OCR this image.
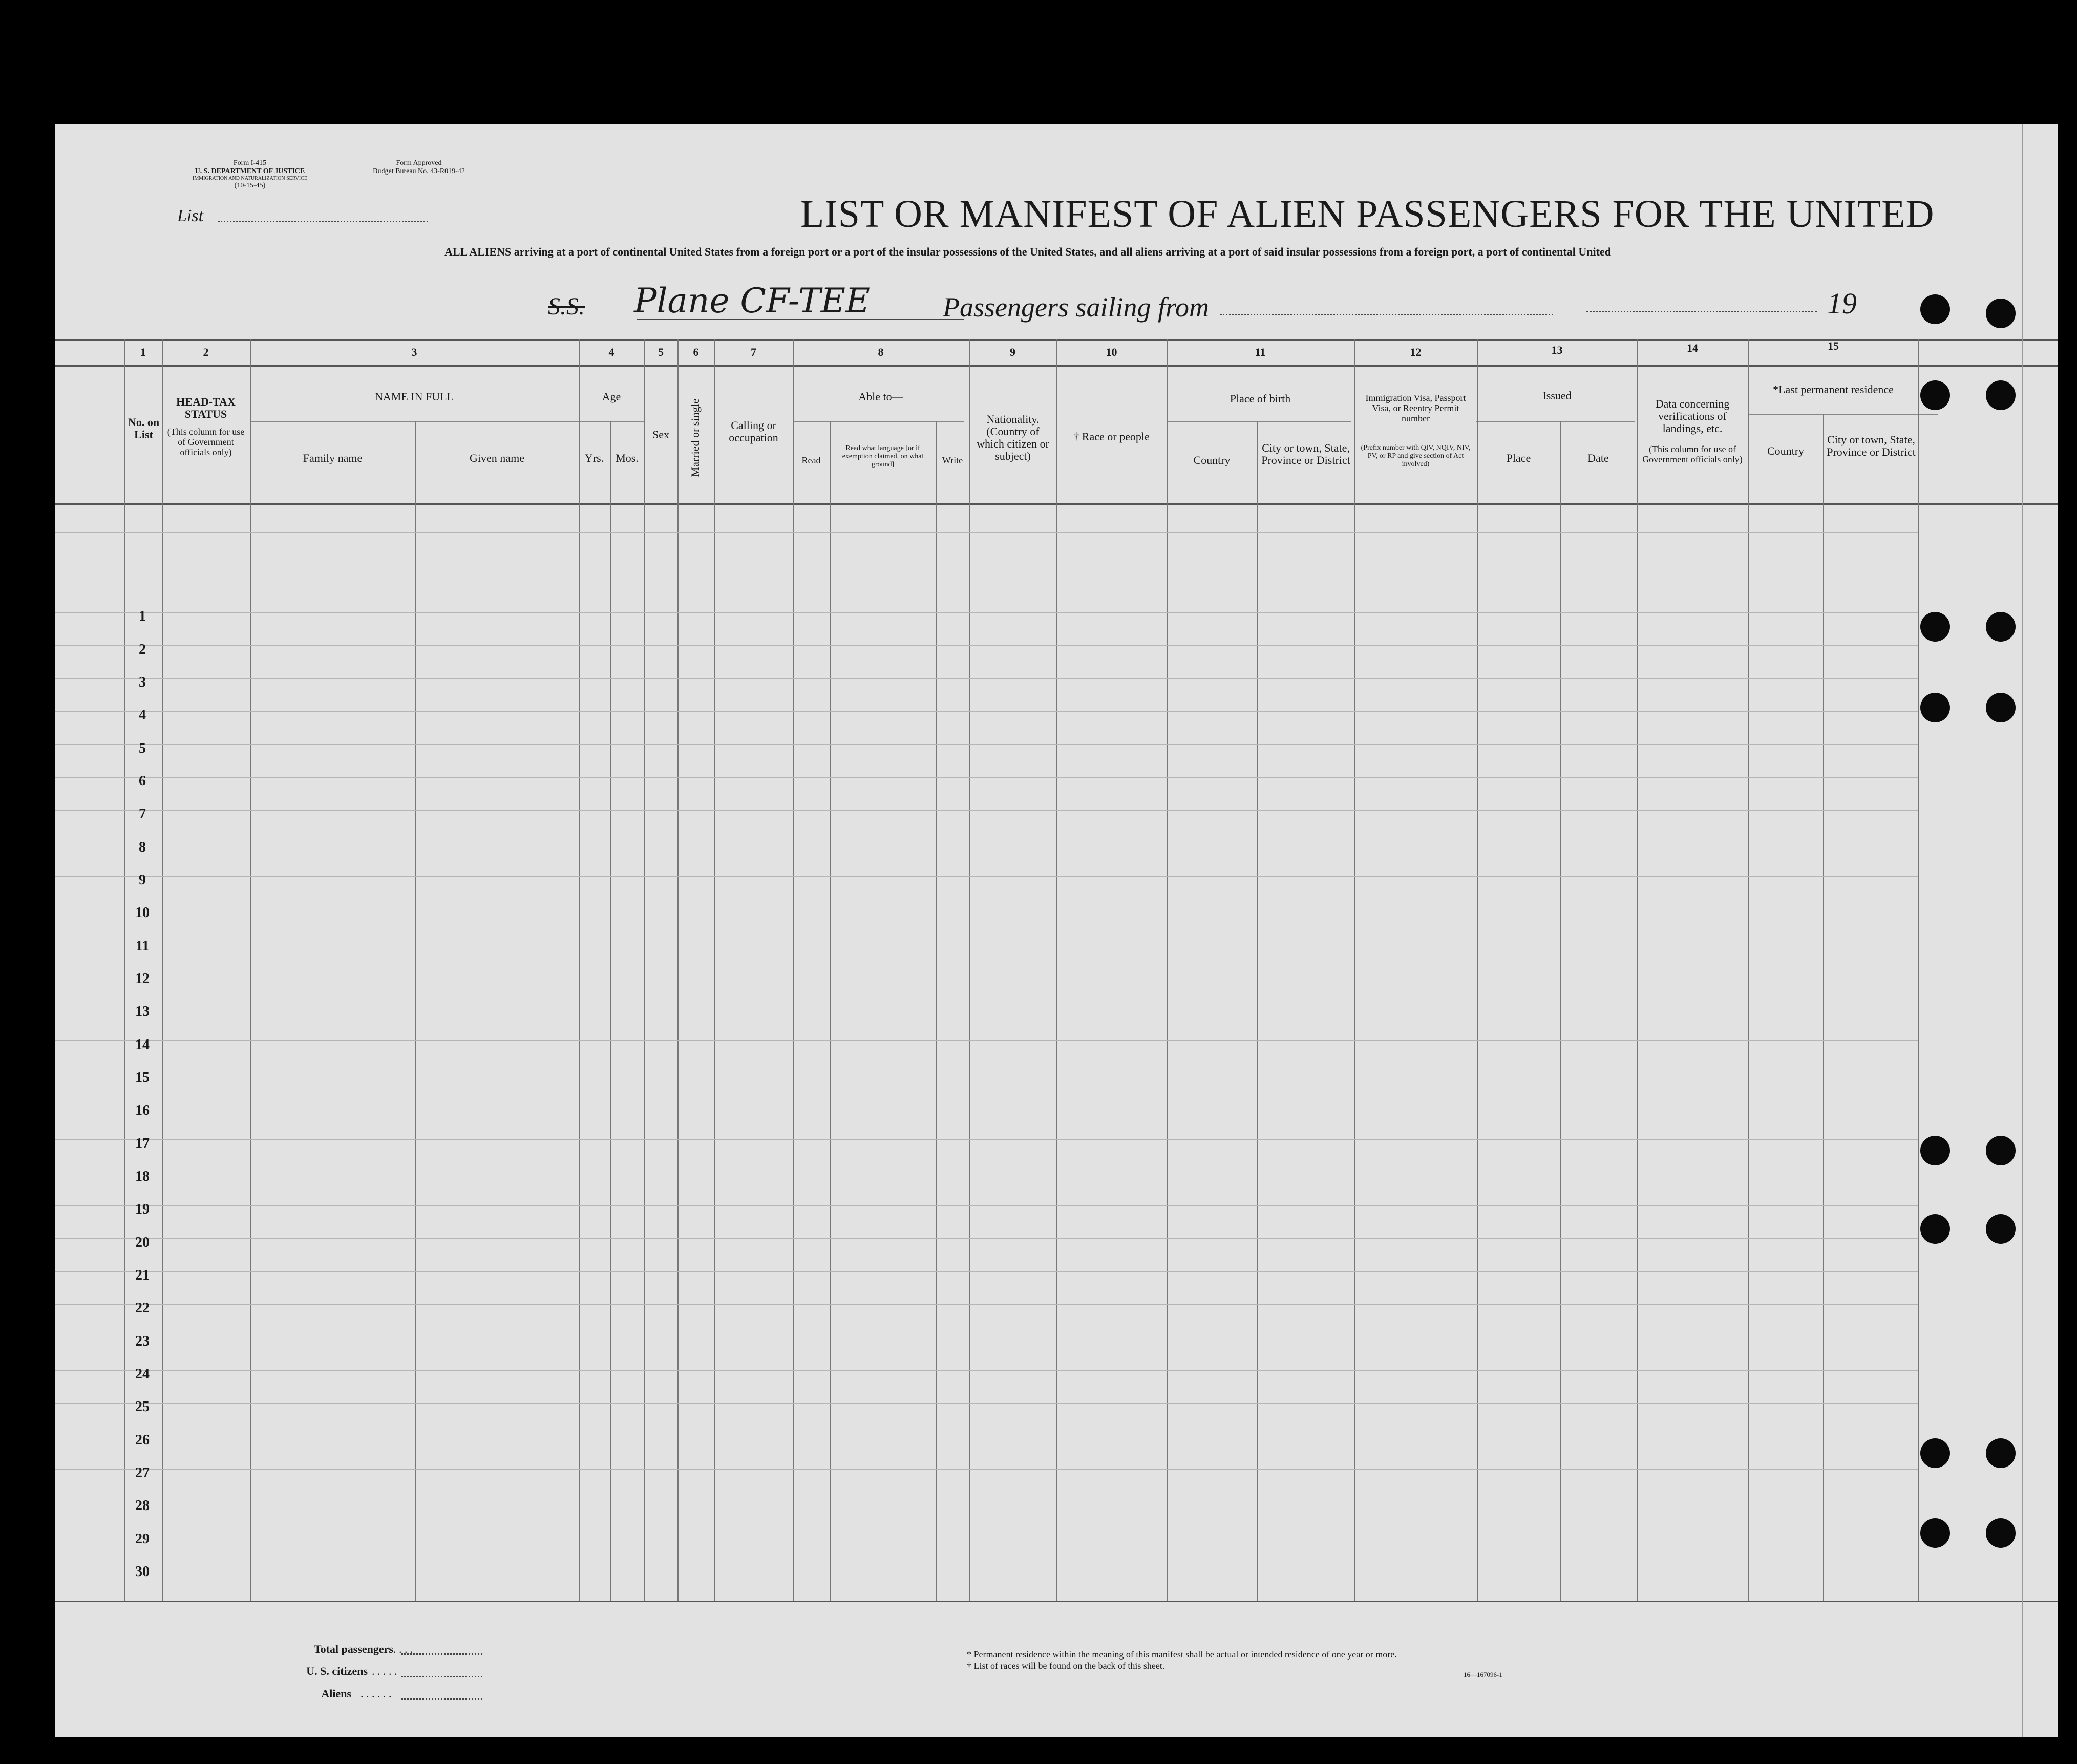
Form I-415
U. S. DEPARTMENT OF JUSTICE
IMMIGRATION AND NATURALIZATION SERVICE
(10-15-45)
Form Approved
Budget Bureau No. 43-R019-42
List	LIST OR MANIFEST OF ALIEN PASSENGERS FOR THE UNITED
ALL ALIENS arriving at a port of continental United States from a foreign port or a port of the insular possessions of the United States, and all aliens arriving at a port of said insular possessions from a foreign port, a port of continental United
S.S. Plane CF-TEE	Passengers sailing from	19
1	2	3	4	5	6	7	8	9	10	11	12	13	14	15
No. on List
HEAD-TAX STATUS
(This column for use of Government officials only)
NAME IN FULL
Family name	Given name
Age
Yrs.	Mos.
Sex	Married or single	Calling or occupation
Able to—
Read
Read what language [or if exemption claimed, on what ground]	Write
Nationality. (Country of which citizen or subject)
† Race or people
Place of birth
Country
City or town, State, Province or District
Immigration Visa, Passport Visa, or Reentry Permit number
(Prefix number with QIV, NQIV, NIV, PV, or RP and give section of Act involved)
Issued
Place	Date
Data concerning verifications of landings, etc.
(This column for use of Government officials only)
*Last permanent residence
Country
City or town, State, Province or District
1
2
3
4
5
6
7
8
9
10
11
12
13
14
15
16
17
18
19
20
21
22
23
24
25
26
27
28
29
30
Total passengers . . . .
U. S. citizens . . . . .
Aliens . . . . . .
* Permanent residence within the meaning of this manifest shall be actual or intended residence of one year or more.
† List of races will be found on the back of this sheet.
16—167096-1
